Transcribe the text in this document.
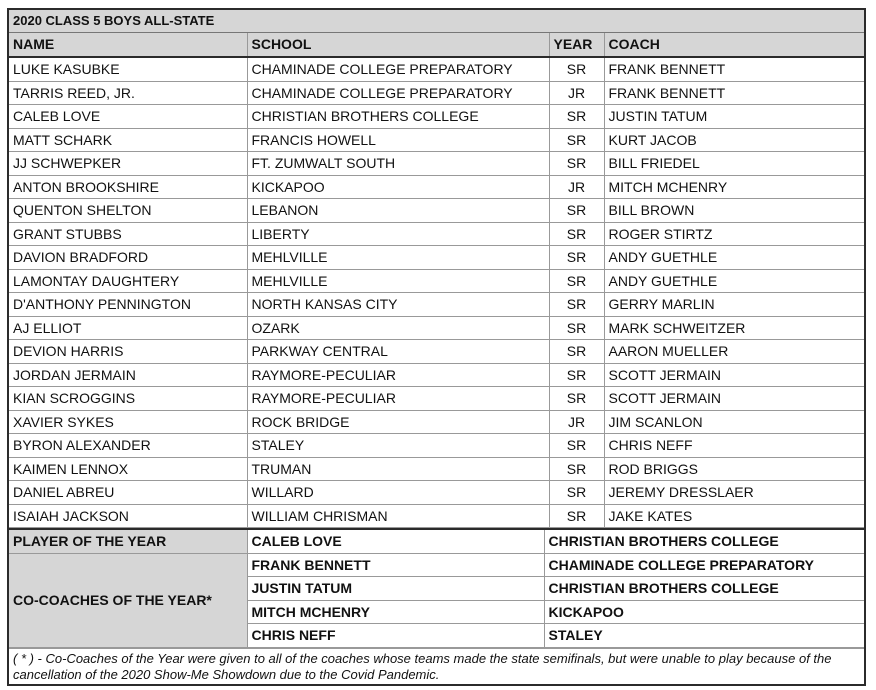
2020 CLASS 5 BOYS ALL-STATE
NAME	SCHOOL	YEAR	COACH
LUKE KASUBKE	CHAMINADE COLLEGE PREPARATORY	SR	FRANK BENNETT
TARRIS REED, JR.	CHAMINADE COLLEGE PREPARATORY	JR	FRANK BENNETT
CALEB LOVE	CHRISTIAN BROTHERS COLLEGE	SR	JUSTIN TATUM
MATT SCHARK	FRANCIS HOWELL	SR	KURT JACOB
JJ SCHWEPKER	FT. ZUMWALT SOUTH	SR	BILL FRIEDEL
ANTON BROOKSHIRE	KICKAPOO	JR	MITCH MCHENRY
QUENTON SHELTON	LEBANON	SR	BILL BROWN
GRANT STUBBS	LIBERTY	SR	ROGER STIRTZ
DAVION BRADFORD	MEHLVILLE	SR	ANDY GUETHLE
LAMONTAY DAUGHTERY	MEHLVILLE	SR	ANDY GUETHLE
D'ANTHONY PENNINGTON	NORTH KANSAS CITY	SR	GERRY MARLIN
AJ ELLIOT	OZARK	SR	MARK SCHWEITZER
DEVION HARRIS	PARKWAY CENTRAL	SR	AARON MUELLER
JORDAN JERMAIN	RAYMORE-PECULIAR	SR	SCOTT JERMAIN
KIAN SCROGGINS	RAYMORE-PECULIAR	SR	SCOTT JERMAIN
XAVIER SYKES	ROCK BRIDGE	JR	JIM SCANLON
BYRON ALEXANDER	STALEY	SR	CHRIS NEFF
KAIMEN LENNOX	TRUMAN	SR	ROD BRIGGS
DANIEL ABREU	WILLARD	SR	JEREMY DRESSLAER
ISAIAH JACKSON	WILLIAM CHRISMAN	SR	JAKE KATES
PLAYER OF THE YEAR	CALEB LOVE	CHRISTIAN BROTHERS COLLEGE
CO-COACHES OF THE YEAR*	FRANK BENNETT	CHAMINADE COLLEGE PREPARATORY
	JUSTIN TATUM	CHRISTIAN BROTHERS COLLEGE
	MITCH MCHENRY	KICKAPOO
	CHRIS NEFF	STALEY
( * ) - Co-Coaches of the Year were given to all of the coaches whose teams made the state semifinals, but were unable to play because of the cancellation of the 2020 Show-Me Showdown due to the Covid Pandemic.
